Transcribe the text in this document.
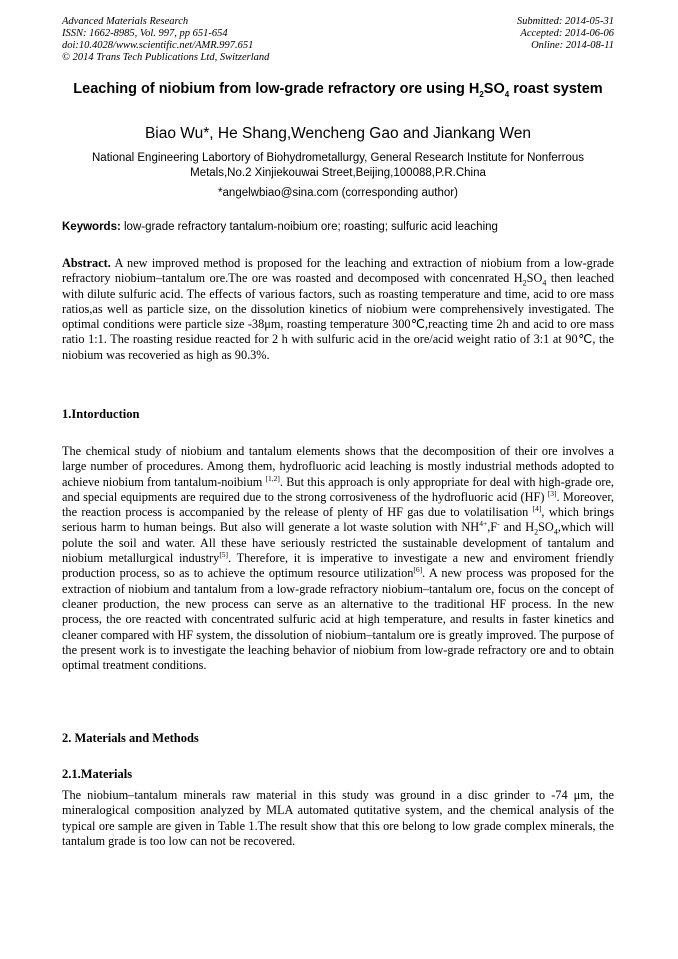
Advanced Materials Research
ISSN: 1662-8985, Vol. 997, pp 651-654
doi:10.4028/www.scientific.net/AMR.997.651
© 2014 Trans Tech Publications Ltd, Switzerland
Submitted: 2014-05-31
Accepted: 2014-06-06
Online: 2014-08-11
Leaching of niobium from low-grade refractory ore using $H_2SO_4$ roast system
Biao Wu*, He Shang,Wencheng Gao and Jiankang Wen
National Engineering Labortory of Biohydrometallurgy, General Research Institute for Nonferrous Metals,No.2 Xinjiekouwai Street,Beijing,100088,P.R.China
*angelwbiao@sina.com (corresponding author)
Keywords: low-grade refractory tantalum-noibium ore; roasting; sulfuric acid leaching

Abstract. A new improved method is proposed for the leaching and extraction of niobium from a low-grade refractory niobium–tantalum ore.The ore was roasted and decomposed with concenrated $H_2SO_4$ then leached with dilute sulfuric acid. The effects of various factors, such as roasting temperature and time, acid to ore mass ratios,as well as particle size, on the dissolution kinetics of niobium were comprehensively investigated. The optimal conditions were particle size -38μm, roasting temperature 300℃,reacting time 2h and acid to ore mass ratio 1:1. The roasting residue reacted for 2 h with sulfuric acid in the ore/acid weight ratio of 3:1 at 90℃, the niobium was recoveried as high as 90.3%.

1.Intorduction

The chemical study of niobium and tantalum elements shows that the decomposition of their ore involves a large number of procedures. Among them, hydrofluoric acid leaching is mostly industrial methods adopted to achieve niobium from tantalum-noibium [1,2]. But this approach is only appropriate for deal with high-grade ore, and special equipments are required due to the strong corrosiveness of the hydrofluoric acid (HF) [3]. Moreover, the reaction process is accompanied by the release of plenty of HF gas due to volatilisation [4], which brings serious harm to human beings. But also will generate a lot waste solution with $NH^{4+},F^-$ and $H_2SO_4,which$ will polute the soil and water. All these have seriously restricted the sustainable development of tantalum and niobium metallurgical industry[5]. Therefore, it is imperative to investigate a new and enviroment friendly production process, so as to achieve the optimum resource utilization[6]. A new process was proposed for the extraction of niobium and tantalum from a low-grade refractory niobium–tantalum ore, focus on the concept of cleaner production, the new process can serve as an alternative to the traditional HF process. In the new process, the ore reacted with concentrated sulfuric acid at high temperature, and results in faster kinetics and cleaner compared with HF system, the dissolution of niobium–tantalum ore is greatly improved. The purpose of the present work is to investigate the leaching behavior of niobium from low-grade refractory ore and to obtain optimal treatment conditions.

2. Materials and Methods
2.1.Materials

The niobium–tantalum minerals raw material in this study was ground in a disc grinder to -74 μm, the mineralogical composition analyzed by MLA automated qutitative system, and the chemical analysis of the typical ore sample are given in Table 1.The result show that this ore belong to low grade complex minerals, the tantalum grade is too low can not be recovered.
